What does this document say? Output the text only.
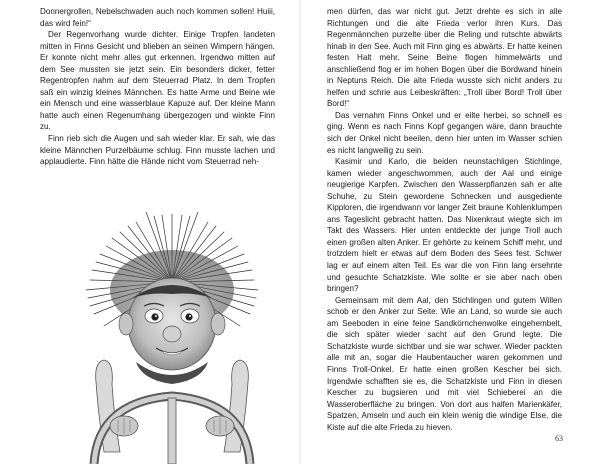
Donnergrollen, Nebelschwaden auch noch kommen sollen! Huiii, das wird fein!“

Der Regenvorhang wurde dichter. Einige Tropfen landeten mitten in Finns Gesicht und blieben an seinen Wimpern hängen. Er konnte nicht mehr alles gut erkennen. Irgendwo mitten auf dem See mussten sie jetzt sein. Ein besonders dicker, fetter Regentropfen nahm auf dem Steuerrad Platz. In dem Tropfen saß ein winzig kleines Männchen. Es hatte Arme und Beine wie ein Mensch und eine wasserblaue Kapuze auf. Der kleine Mann hatte auch einen Regenumhang übergezogen und winkte Finn zu.

Finn rieb sich die Augen und sah wieder klar. Er sah, wie das kleine Männchen Purzelbäume schlug. Finn musste lachen und applaudierte. Finn hätte die Hände nicht vom Steuerrad neh-

men dürfen, das war nicht gut. Jetzt drehte es sich in alle Richtungen und die alte Frieda verlor ihren Kurs. Das Regenmännchen purzelte über die Reling und rutschte abwärts hinab in den See. Auch mit Finn ging es abwärts. Er hatte keinen festen Halt mehr. Seine Beine flogen himmelwärts und anschließend flog er im hohen Bogen über die Bordwand hinein in Neptuns Reich. Die alte Frieda wusste sich nicht anders zu helfen und schrie aus Leibeskräften: „Troll über Bord! Troll über Bord!“

Das vernahm Finns Onkel und er eilte herbei, so schnell es ging. Wenn es nach Finns Kopf gegangen wäre, dann brauchte sich der Onkel nicht beeilen, denn hier unten im Wasser schien es nicht langweilig zu sein.

Kasimir und Karlo, die beiden neunstachligen Stichlinge, kamen wieder angeschwommen, auch der Aal und einige neugierige Karpfen. Zwischen den Wasserpflanzen sah er alte Schuhe, zu Stein gewordene Schnecken und ausgediente Kipploren, die irgendwann vor langer Zeit braune Kohlenklumpen ans Tageslicht gebracht hatten. Das Nixenkraut wiegte sich im Takt des Wassers. Hier unten entdeckte der junge Troll auch einen großen alten Anker. Er gehörte zu keinem Schiff mehr, und trotzdem hielt er etwas auf dem Boden des Sees fest. Schwer lag er auf einem alten Teil. Es war die von Finn lang ersehnte und gesuchte Schatzkiste. Wie sollte er sie aber nach oben bringen?

Gemeinsam mit dem Aal, den Stichlingen und gutem Willen schob er den Anker zur Seite. Wie an Land, so wurde sie auch am Seeboden in eine feine Sandkörnchenwolke eingehembelt, die sich später wieder sacht auf den Grund legte. Die Schatzkiste wurde sichtbar und sie war schwer. Wieder packten alle mit an, sogar die Haubentaucher waren gekommen und Finns Troll-Onkel. Er hatte einen großen Kescher bei sich. Irgendwie schafften sie es, die Schatzkiste und Finn in diesen Kescher zu bugsieren und mit viel Schieberei an die Wasseroberfläche zu bringen. Von dort aus halfen Marienkäfer, Spatzen, Amseln und auch ein klein wenig die windige Else, die Kiste auf die alte Frieda zu hieven.

63
